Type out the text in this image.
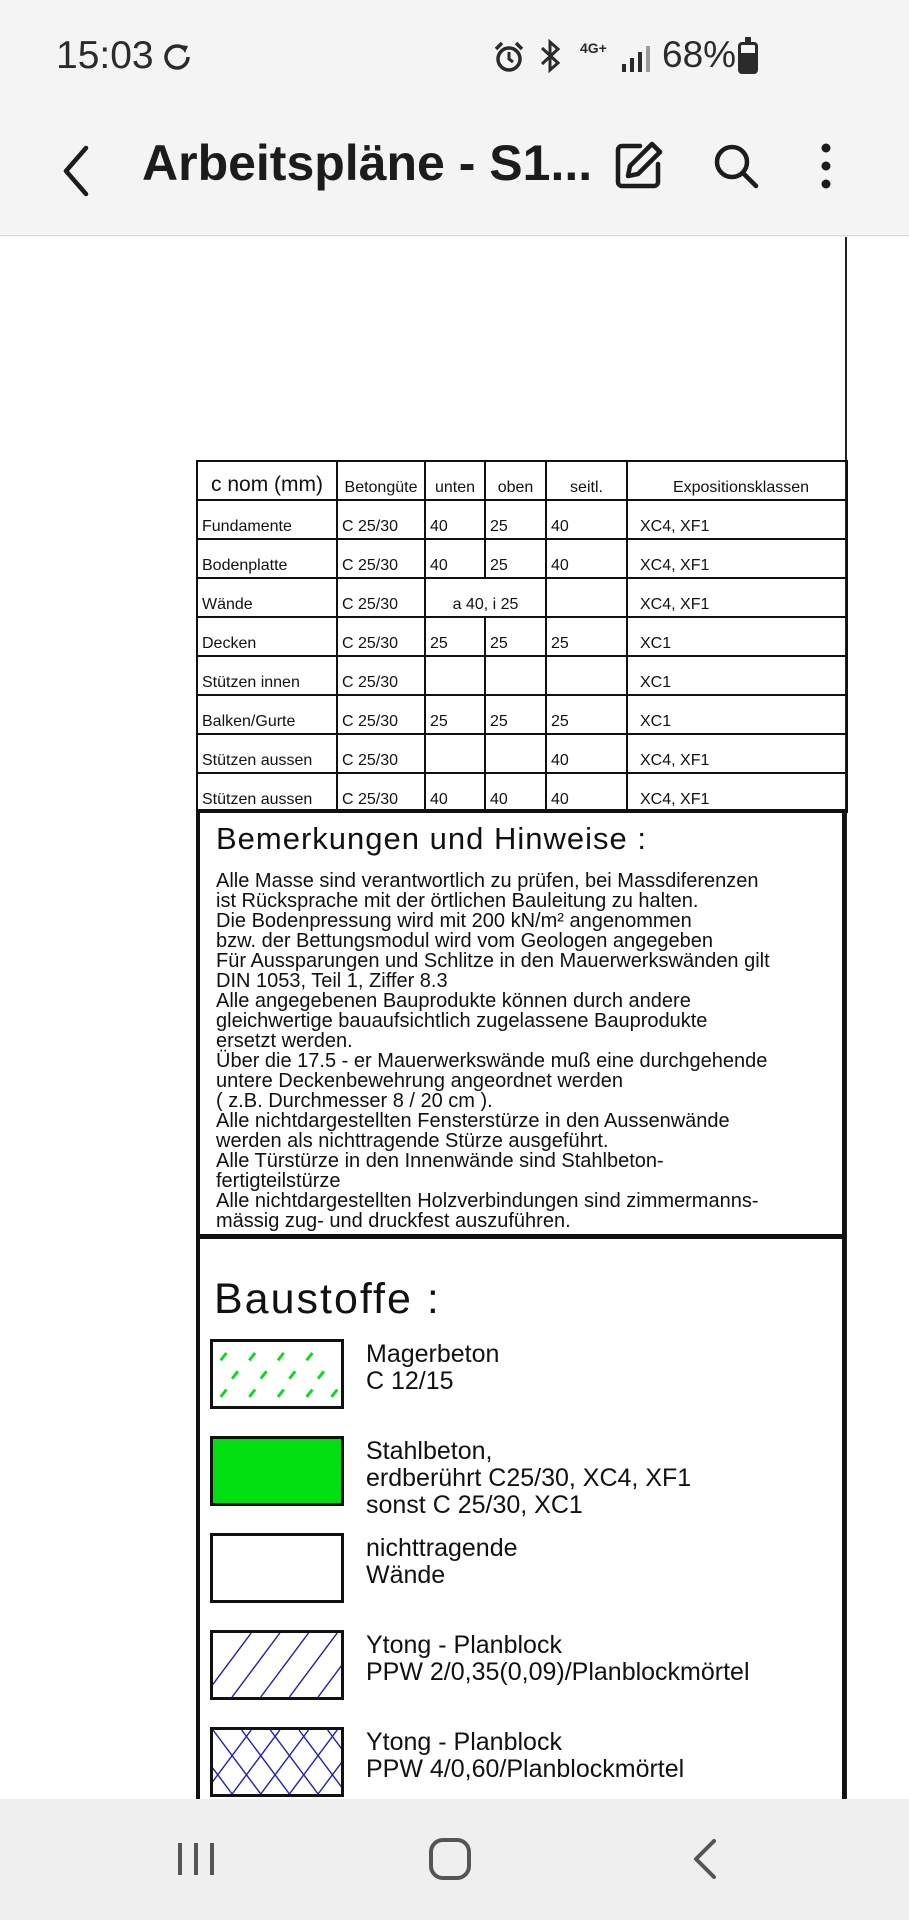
15:03	4G+ 68%
Arbeitspläne - S1...
c nom (mm)	Betongüte	unten	oben	seitl.	Expositionsklassen
Fundamente	C 25/30	40	25	40	XC4, XF1
Bodenplatte	C 25/30	40	25	40	XC4, XF1
Wände	C 25/30	a 40, i 25			XC4, XF1
Decken	C 25/30	25	25	25	XC1
Stützen innen	C 25/30				XC1
Balken/Gurte	C 25/30	25	25	25	XC1
Stützen aussen	C 25/30			40	XC4, XF1
Stützen aussen	C 25/30	40	40	40	XC4, XF1
Bemerkungen und Hinweise :
Alle Masse sind verantwortlich zu prüfen, bei Massdiferenzen
ist Rücksprache mit der örtlichen Bauleitung zu halten.
Die Bodenpressung wird mit 200 kN/m² angenommen
bzw. der Bettungsmodul wird vom Geologen angegeben
Für Aussparungen und Schlitze in den Mauerwerkswänden gilt
DIN 1053, Teil 1, Ziffer 8.3
Alle angegebenen Bauprodukte können durch andere
gleichwertige bauaufsichtlich zugelassene Bauprodukte
ersetzt werden.
Über die 17.5 - er Mauerwerkswände muß eine durchgehende
untere Deckenbewehrung angeordnet werden
( z.B. Durchmesser 8 / 20 cm ).
Alle nichtdargestellten Fensterstürze in den Aussenwände
werden als nichttragende Stürze ausgeführt.
Alle Türstürze in den Innenwände sind Stahlbeton-
fertigteilstürze
Alle nichtdargestellten Holzverbindungen sind zimmermanns-
mässig zug- und druckfest auszuführen.
Baustoffe :
Magerbeton
C 12/15
Stahlbeton,
erdberührt C25/30, XC4, XF1
sonst C 25/30, XC1
nichttragende
Wände
Ytong - Planblock
PPW 2/0,35(0,09)/Planblockmörtel
Ytong - Planblock
PPW 4/0,60/Planblockmörtel
